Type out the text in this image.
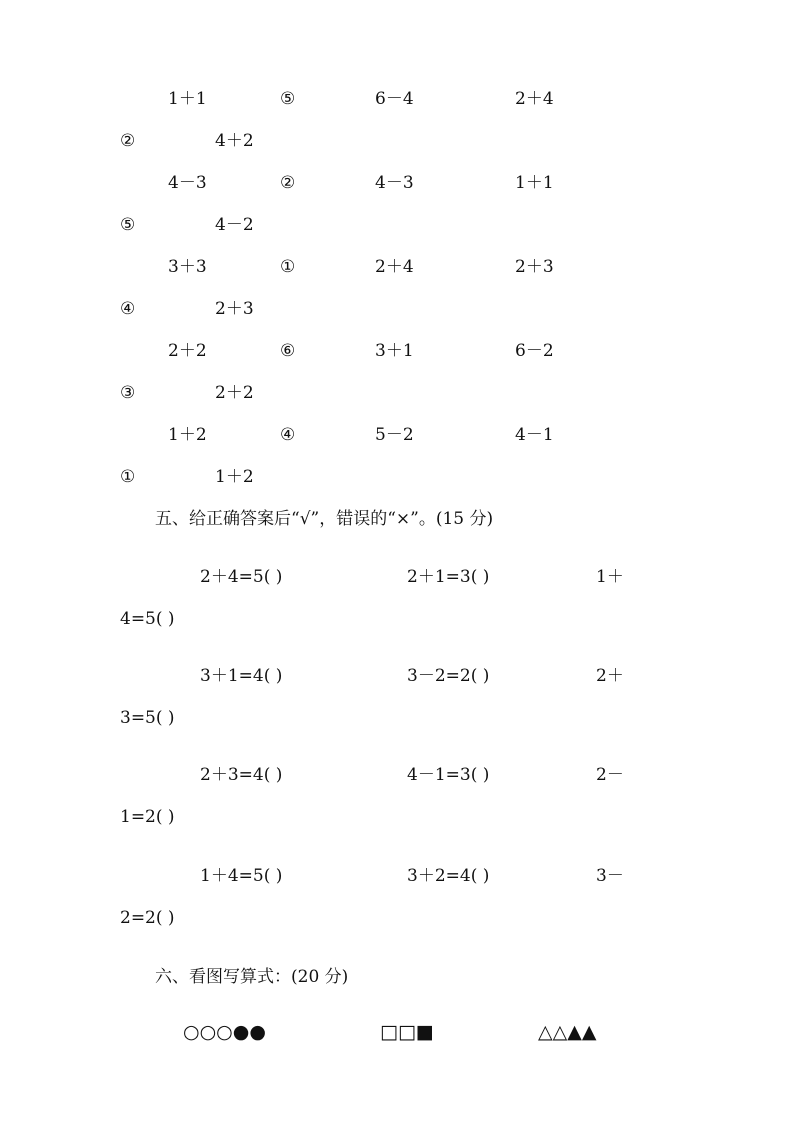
1＋1	⑤	6－4	2＋4
②	4＋2
4－3	②	4－3	1＋1
⑤	4－2
3＋3	①	2＋4	2＋3
④	2＋3
2＋2	⑥	3＋1	6－2
③	2＋2
1＋2	④	5－2	4－1
①	1＋2
五、给正确答案后“√”，错误的“×”。(15 分)
2＋4=5( )	2＋1=3( )	1＋
4=5( )
3＋1=4( )	3－2=2( )	2＋
3=5( )
2＋3=4( )	4－1=3( )	2－
1=2( )
1＋4=5( )	3＋2=4( )	3－
2=2( )
六、看图写算式：(20 分)
○○○●●	□□■	△△▲▲
